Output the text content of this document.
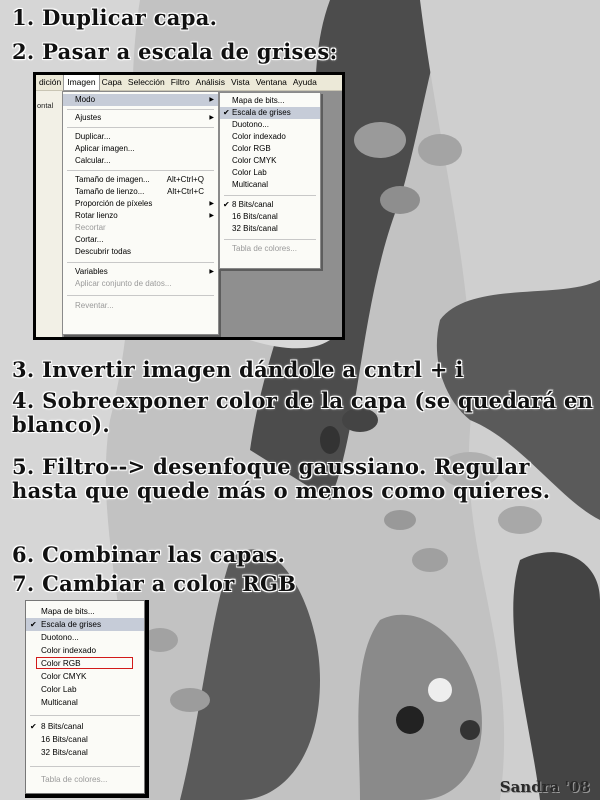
1. Duplicar capa.
2. Pasar a escala de grises:
dición Imagen Capa Selección Filtro Análisis Vista Ventana Ayuda
ontal
Modo	▶
Ajustes	▶
Duplicar...
Aplicar imagen...
Calcular...
Tamaño de imagen... Alt+Ctrl+Q
Tamaño de lienzo...	Alt+Ctrl+C
Proporción de píxeles	▶
Rotar lienzo	▶
Recortar
Cortar...
Descubrir todas
Variables	▶
Aplicar conjunto de datos...
Reventar...
Mapa de bits...
✔ Escala de grises
Duotono...
Color indexado
Color RGB
Color CMYK
Color Lab
Multicanal
✔ 8 Bits/canal
16 Bits/canal
32 Bits/canal
Tabla de colores...
3. Invertir imagen dándole a cntrl + i
4. Sobreexponer color de la capa (se quedará en blanco).
5. Filtro--> desenfoque gaussiano. Regular hasta que quede más o menos como quieres.
6. Combinar las capas.
7. Cambiar a color RGB
Mapa de bits...
✔ Escala de grises
Duotono...
Color indexado
Color RGB
Color CMYK
Color Lab
Multicanal
✔ 8 Bits/canal
16 Bits/canal
32 Bits/canal
Tabla de colores...	Sandra '08
